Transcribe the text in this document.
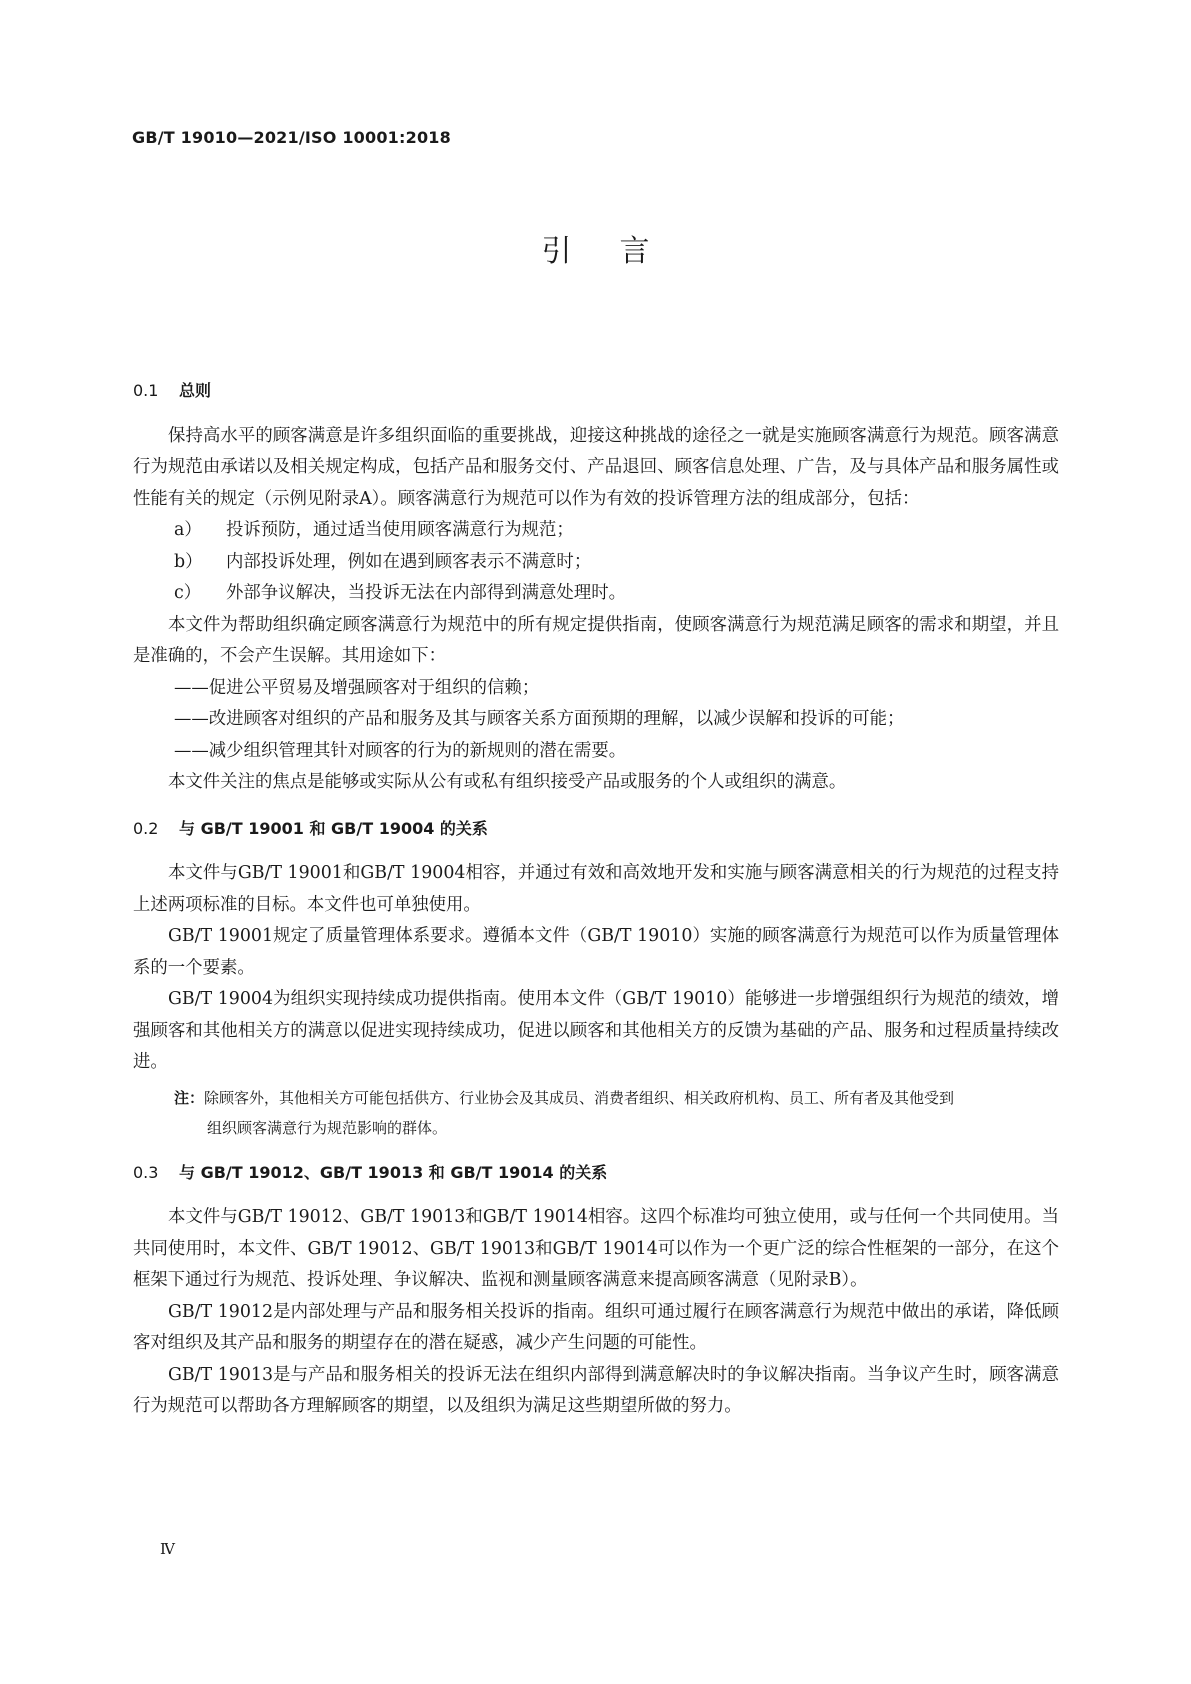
GB/T 19010—2021/ISO 10001:2018
引言
0.1 总则

保持高水平的顾客满意是许多组织面临的重要挑战，迎接这种挑战的途径之一就是实施顾客满意行为规范。顾客满意行为规范由承诺以及相关规定构成，包括产品和服务交付、产品退回、顾客信息处理、广告，及与具体产品和服务属性或性能有关的规定（示例见附录A）。顾客满意行为规范可以作为有效的投诉管理方法的组成部分，包括：

a） 投诉预防，通过适当使用顾客满意行为规范；

b） 内部投诉处理，例如在遇到顾客表示不满意时；

c） 外部争议解决，当投诉无法在内部得到满意处理时。

本文件为帮助组织确定顾客满意行为规范中的所有规定提供指南，使顾客满意行为规范满足顾客的需求和期望，并且是准确的，不会产生误解。其用途如下：

——促进公平贸易及增强顾客对于组织的信赖；

——改进顾客对组织的产品和服务及其与顾客关系方面预期的理解，以减少误解和投诉的可能；

——减少组织管理其针对顾客的行为的新规则的潜在需要。

本文件关注的焦点是能够或实际从公有或私有组织接受产品或服务的个人或组织的满意。

0.2 与 GB/T 19001 和 GB/T 19004 的关系

本文件与GB/T 19001和GB/T 19004相容，并通过有效和高效地开发和实施与顾客满意相关的行为规范的过程支持上述两项标准的目标。本文件也可单独使用。

GB/T 19001规定了质量管理体系要求。遵循本文件（GB/T 19010）实施的顾客满意行为规范可以作为质量管理体系的一个要素。

GB/T 19004为组织实现持续成功提供指南。使用本文件（GB/T 19010）能够进一步增强组织行为规范的绩效，增强顾客和其他相关方的满意以促进实现持续成功，促进以顾客和其他相关方的反馈为基础的产品、服务和过程质量持续改进。

注：除顾客外，其他相关方可能包括供方、行业协会及其成员、消费者组织、相关政府机构、员工、所有者及其他受到
组织顾客满意行为规范影响的群体。
0.3 与 GB/T 19012、GB/T 19013 和 GB/T 19014 的关系

本文件与GB/T 19012、GB/T 19013和GB/T 19014相容。这四个标准均可独立使用，或与任何一个共同使用。当共同使用时，本文件、GB/T 19012、GB/T 19013和GB/T 19014可以作为一个更广泛的综合性框架的一部分，在这个框架下通过行为规范、投诉处理、争议解决、监视和测量顾客满意来提高顾客满意（见附录B）。

GB/T 19012是内部处理与产品和服务相关投诉的指南。组织可通过履行在顾客满意行为规范中做出的承诺，降低顾客对组织及其产品和服务的期望存在的潜在疑惑，减少产生问题的可能性。

GB/T 19013是与产品和服务相关的投诉无法在组织内部得到满意解决时的争议解决指南。当争议产生时，顾客满意行为规范可以帮助各方理解顾客的期望，以及组织为满足这些期望所做的努力。

Ⅳ
